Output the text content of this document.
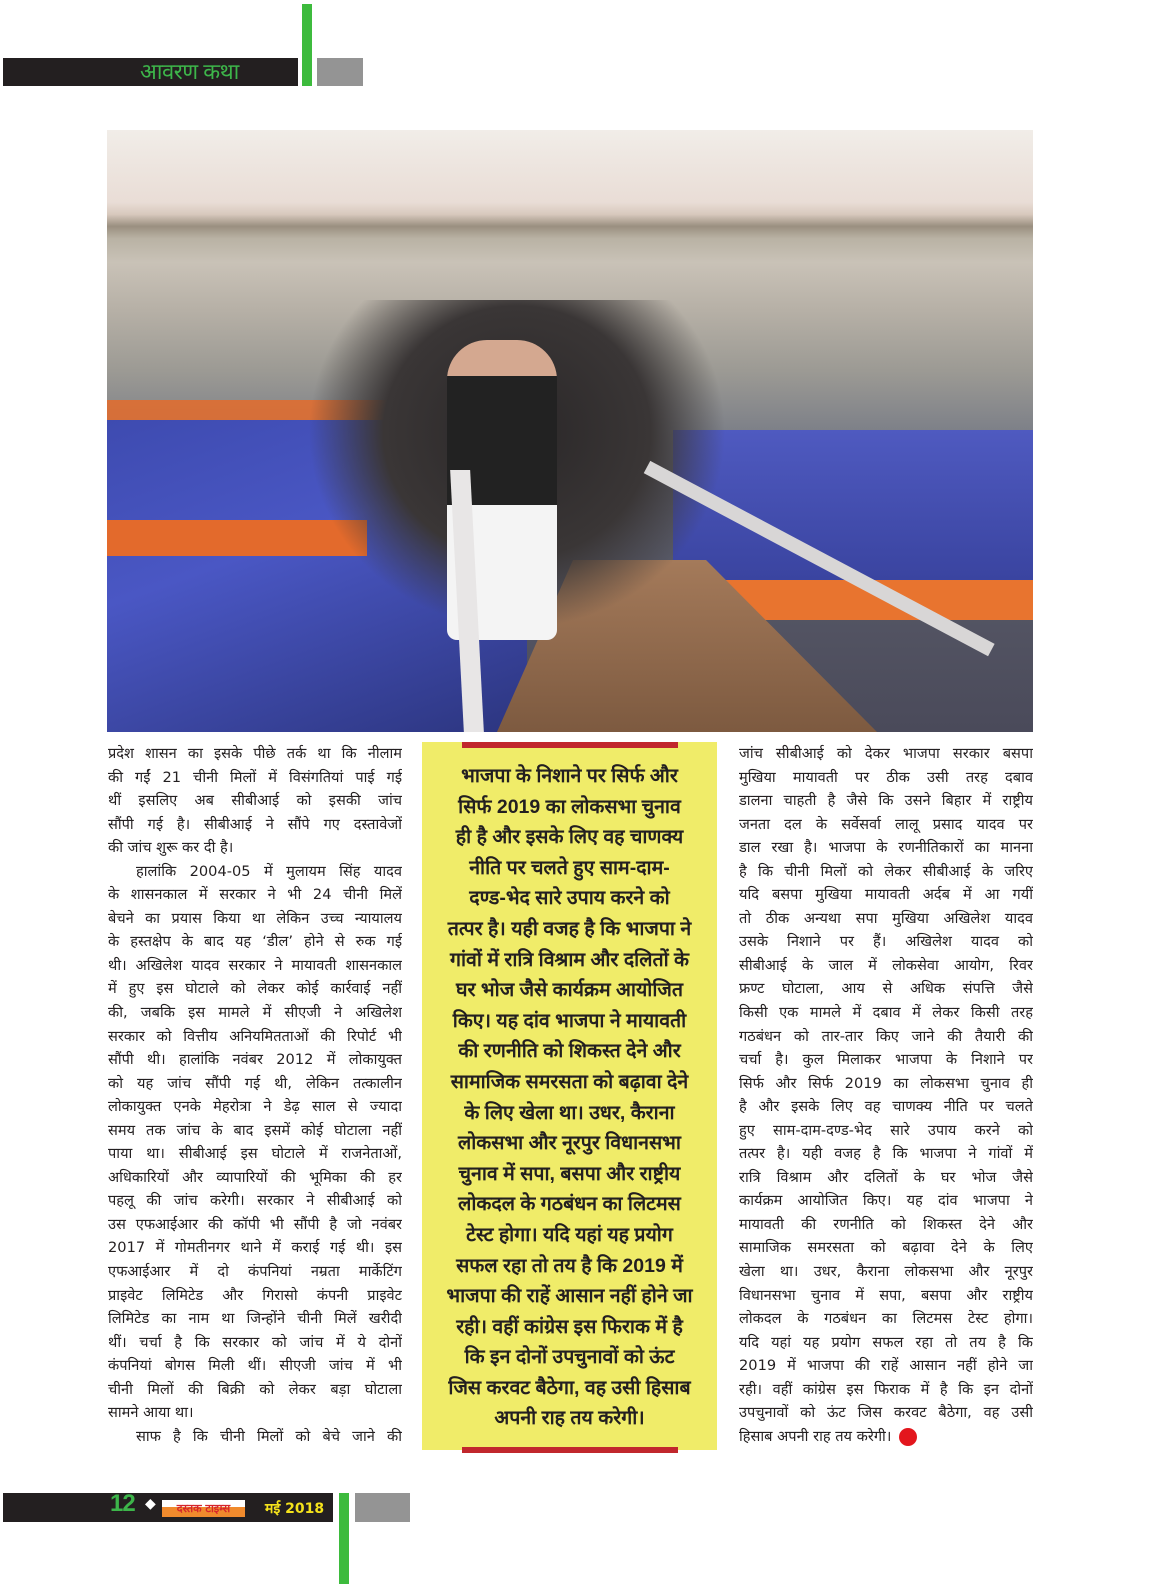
आवरण कथा
प्रदेश शासन का इसके पीछे तर्क था कि नीलाम
की गईं 21 चीनी मिलों में विसंगतियां पाई गई
थीं इसलिए अब सीबीआई को इसकी जांच
सौंपी गई है। सीबीआई ने सौंपे गए दस्तावेजों
की जांच शुरू कर दी है।
हालांकि 2004-05 में मुलायम सिंह यादव
के शासनकाल में सरकार ने भी 24 चीनी मिलें
बेचने का प्रयास किया था लेकिन उच्च न्यायालय
के हस्तक्षेप के बाद यह ‘डील’ होने से रुक गई
थी। अखिलेश यादव सरकार ने मायावती शासनकाल
में हुए इस घोटाले को लेकर कोई कार्रवाई नहीं
की, जबकि इस मामले में सीएजी ने अखिलेश
सरकार को वित्तीय अनियमितताओं की रिपोर्ट भी
सौंपी थी। हालांकि नवंबर 2012 में लोकायुक्त
को यह जांच सौंपी गई थी, लेकिन तत्कालीन
लोकायुक्त एनके मेहरोत्रा ने डेढ़ साल से ज्यादा
समय तक जांच के बाद इसमें कोई घोटाला नहीं
पाया था। सीबीआई इस घोटाले में राजनेताओं,
अधिकारियों और व्यापारियों की भूमिका की हर
पहलू की जांच करेगी। सरकार ने सीबीआई को
उस एफआईआर की कॉपी भी सौंपी है जो नवंबर
2017 में गोमतीनगर थाने में कराई गई थी। इस
एफआईआर में दो कंपनियां नम्रता मार्केटिंग
प्राइवेट लिमिटेड और गिरासो कंपनी प्राइवेट
लिमिटेड का नाम था जिन्होंने चीनी मिलें खरीदी
थीं। चर्चा है कि सरकार को जांच में ये दोनों
कंपनियां बोगस मिली थीं। सीएजी जांच में भी
चीनी मिलों की बिक्री को लेकर बड़ा घोटाला
सामने आया था।
साफ है कि चीनी मिलों को बेचे जाने की
भाजपा के निशाने पर सिर्फ और
सिर्फ 2019 का लोकसभा चुनाव
ही है और इसके लिए वह चाणक्य
नीति पर चलते हुए साम-दाम-
दण्ड-भेद सारे उपाय करने को
तत्पर है। यही वजह है कि भाजपा ने
गांवों में रात्रि विश्राम और दलितों के
घर भोज जैसे कार्यक्रम आयोजित
किए। यह दांव भाजपा ने मायावती
की रणनीति को शिकस्त देने और
सामाजिक समरसता को बढ़ावा देने
के लिए खेला था। उधर, कैराना
लोकसभा और नूरपुर विधानसभा
चुनाव में सपा, बसपा और राष्ट्रीय
लोकदल के गठबंधन का लिटमस
टेस्ट होगा। यदि यहां यह प्रयोग
सफल रहा तो तय है कि 2019 में
भाजपा की राहें आसान नहीं होने जा
रही। वहीं कांग्रेस इस फिराक में है
कि इन दोनों उपचुनावों को ऊंट
जिस करवट बैठेगा, वह उसी हिसाब
अपनी राह तय करेगी।
जांच सीबीआई को देकर भाजपा सरकार बसपा
मुखिया मायावती पर ठीक उसी तरह दबाव
डालना चाहती है जैसे कि उसने बिहार में राष्ट्रीय
जनता दल के सर्वेसर्वा लालू प्रसाद यादव पर
डाल रखा है। भाजपा के रणनीतिकारों का मानना
है कि चीनी मिलों को लेकर सीबीआई के जरिए
यदि बसपा मुखिया मायावती अर्दब में आ गयीं
तो ठीक अन्यथा सपा मुखिया अखिलेश यादव
उसके निशाने पर हैं। अखिलेश यादव को
सीबीआई के जाल में लोकसेवा आयोग, रिवर
फ्रण्ट घोटाला, आय से अधिक संपत्ति जैसे
किसी एक मामले में दबाव में लेकर किसी तरह
गठबंधन को तार-तार किए जाने की तैयारी की
चर्चा है। कुल मिलाकर भाजपा के निशाने पर
सिर्फ और सिर्फ 2019 का लोकसभा चुनाव ही
है और इसके लिए वह चाणक्य नीति पर चलते
हुए साम-दाम-दण्ड-भेद सारे उपाय करने को
तत्पर है। यही वजह है कि भाजपा ने गांवों में
रात्रि विश्राम और दलितों के घर भोज जैसे
कार्यक्रम आयोजित किए। यह दांव भाजपा ने
मायावती की रणनीति को शिकस्त देने और
सामाजिक समरसता को बढ़ावा देने के लिए
खेला था। उधर, कैराना लोकसभा और नूरपुर
विधानसभा चुनाव में सपा, बसपा और राष्ट्रीय
लोकदल के गठबंधन का लिटमस टेस्ट होगा।
यदि यहां यह प्रयोग सफल रहा तो तय है कि
2019 में भाजपा की राहें आसान नहीं होने जा
रही। वहीं कांग्रेस इस फिराक में है कि इन दोनों
उपचुनावों को ऊंट जिस करवट बैठेगा, वह उसी
हिसाब अपनी राह तय करेगी।
12 ◆	दस्तक टाइम्स	मई 2018
